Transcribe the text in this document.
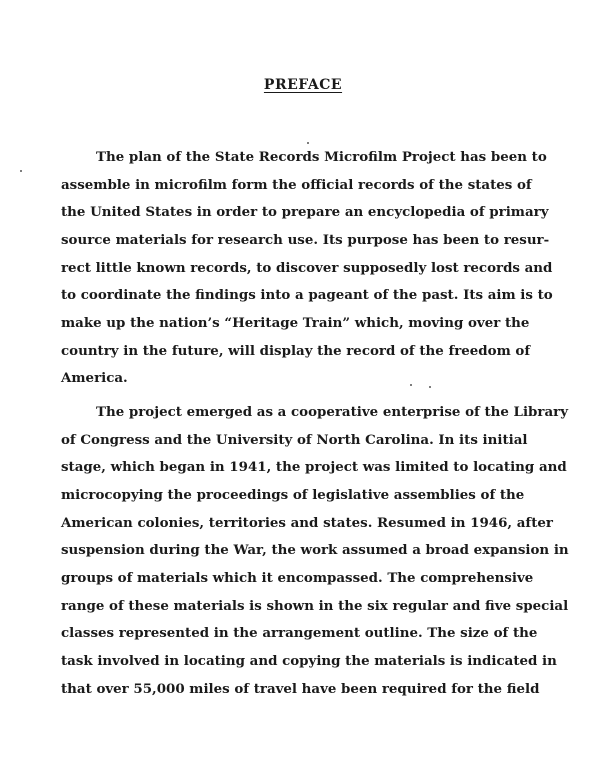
PREFACE
The plan of the State Records Microfilm Project has been to
assemble in microfilm form the official records of the states of
the United States in order to prepare an encyclopedia of primary
source materials for research use. Its purpose has been to resur-
rect little known records, to discover supposedly lost records and
to coordinate the findings into a pageant of the past. Its aim is to
make up the nation’s “Heritage Train” which, moving over the
country in the future, will display the record of the freedom of
America.
The project emerged as a cooperative enterprise of the Library
of Congress and the University of North Carolina. In its initial
stage, which began in 1941, the project was limited to locating and
microcopying the proceedings of legislative assemblies of the
American colonies, territories and states. Resumed in 1946, after
suspension during the War, the work assumed a broad expansion in
groups of materials which it encompassed. The comprehensive
range of these materials is shown in the six regular and five special
classes represented in the arrangement outline. The size of the
task involved in locating and copying the materials is indicated in
that over 55,000 miles of travel have been required for the field
